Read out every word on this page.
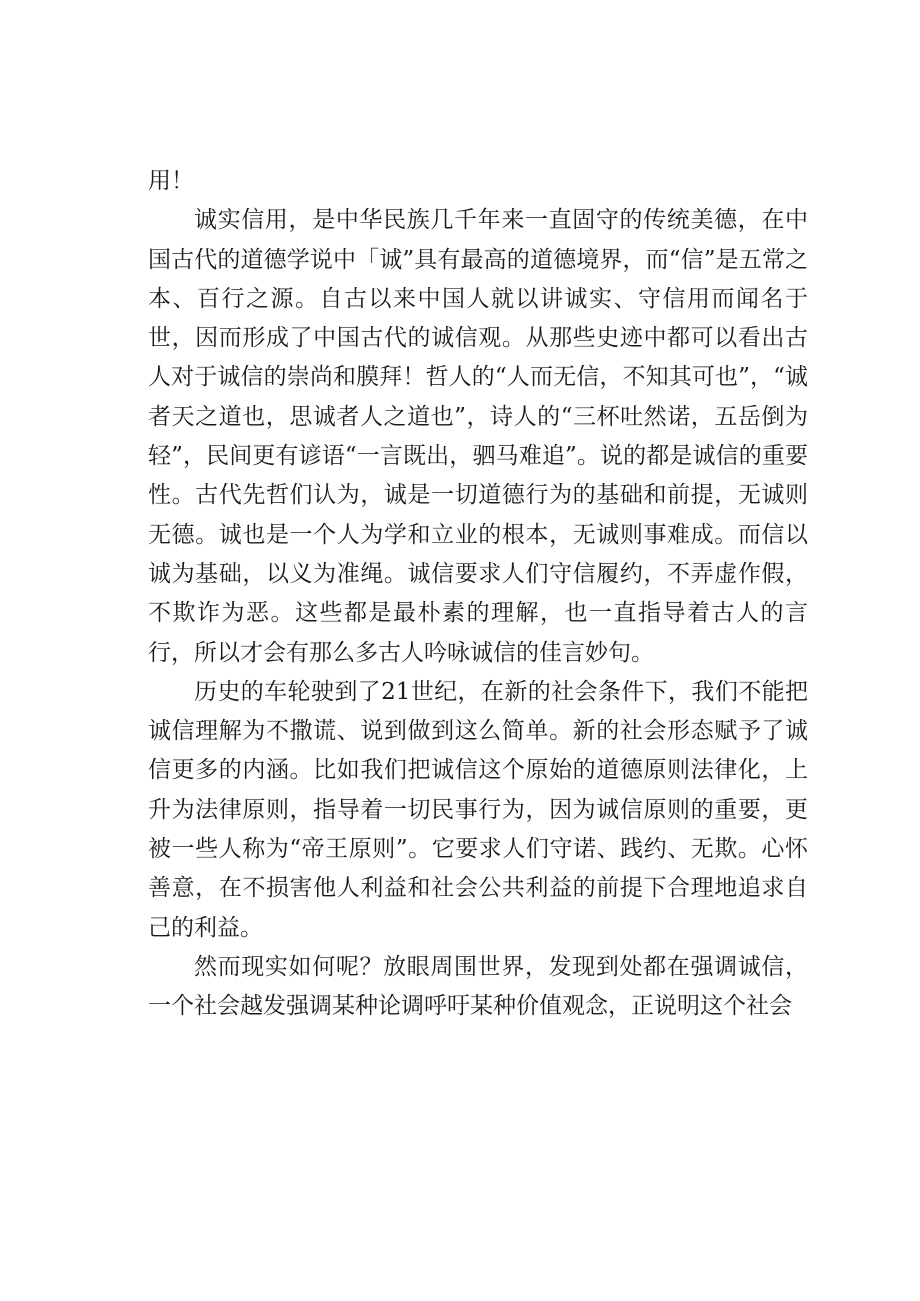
用！

诚实信用，是中华民族几千年来一直固守的传统美德，在中国古代的道德学说中「诚”具有最高的道德境界，而“信”是五常之本、百行之源。自古以来中国人就以讲诚实、守信用而闻名于世，因而形成了中国古代的诚信观。从那些史迹中都可以看出古人对于诚信的崇尚和膜拜！哲人的“人而无信，不知其可也”，“诚者天之道也，思诚者人之道也”，诗人的“三杯吐然诺，五岳倒为轻”，民间更有谚语“一言既出，驷马难追”。说的都是诚信的重要性。古代先哲们认为，诚是一切道德行为的基础和前提，无诚则无德。诚也是一个人为学和立业的根本，无诚则事难成。而信以诚为基础，以义为准绳。诚信要求人们守信履约，不弄虚作假，不欺诈为恶。这些都是最朴素的理解，也一直指导着古人的言行，所以才会有那么多古人吟咏诚信的佳言妙句。

历史的车轮驶到了21世纪，在新的社会条件下，我们不能把诚信理解为不撒谎、说到做到这么简单。新的社会形态赋予了诚信更多的内涵。比如我们把诚信这个原始的道德原则法律化，上升为法律原则，指导着一切民事行为，因为诚信原则的重要，更被一些人称为“帝王原则”。它要求人们守诺、践约、无欺。心怀善意，在不损害他人利益和社会公共利益的前提下合理地追求自己的利益。

然而现实如何呢？放眼周围世界，发现到处都在强调诚信，一个社会越发强调某种论调呼吁某种价值观念，正说明这个社会
